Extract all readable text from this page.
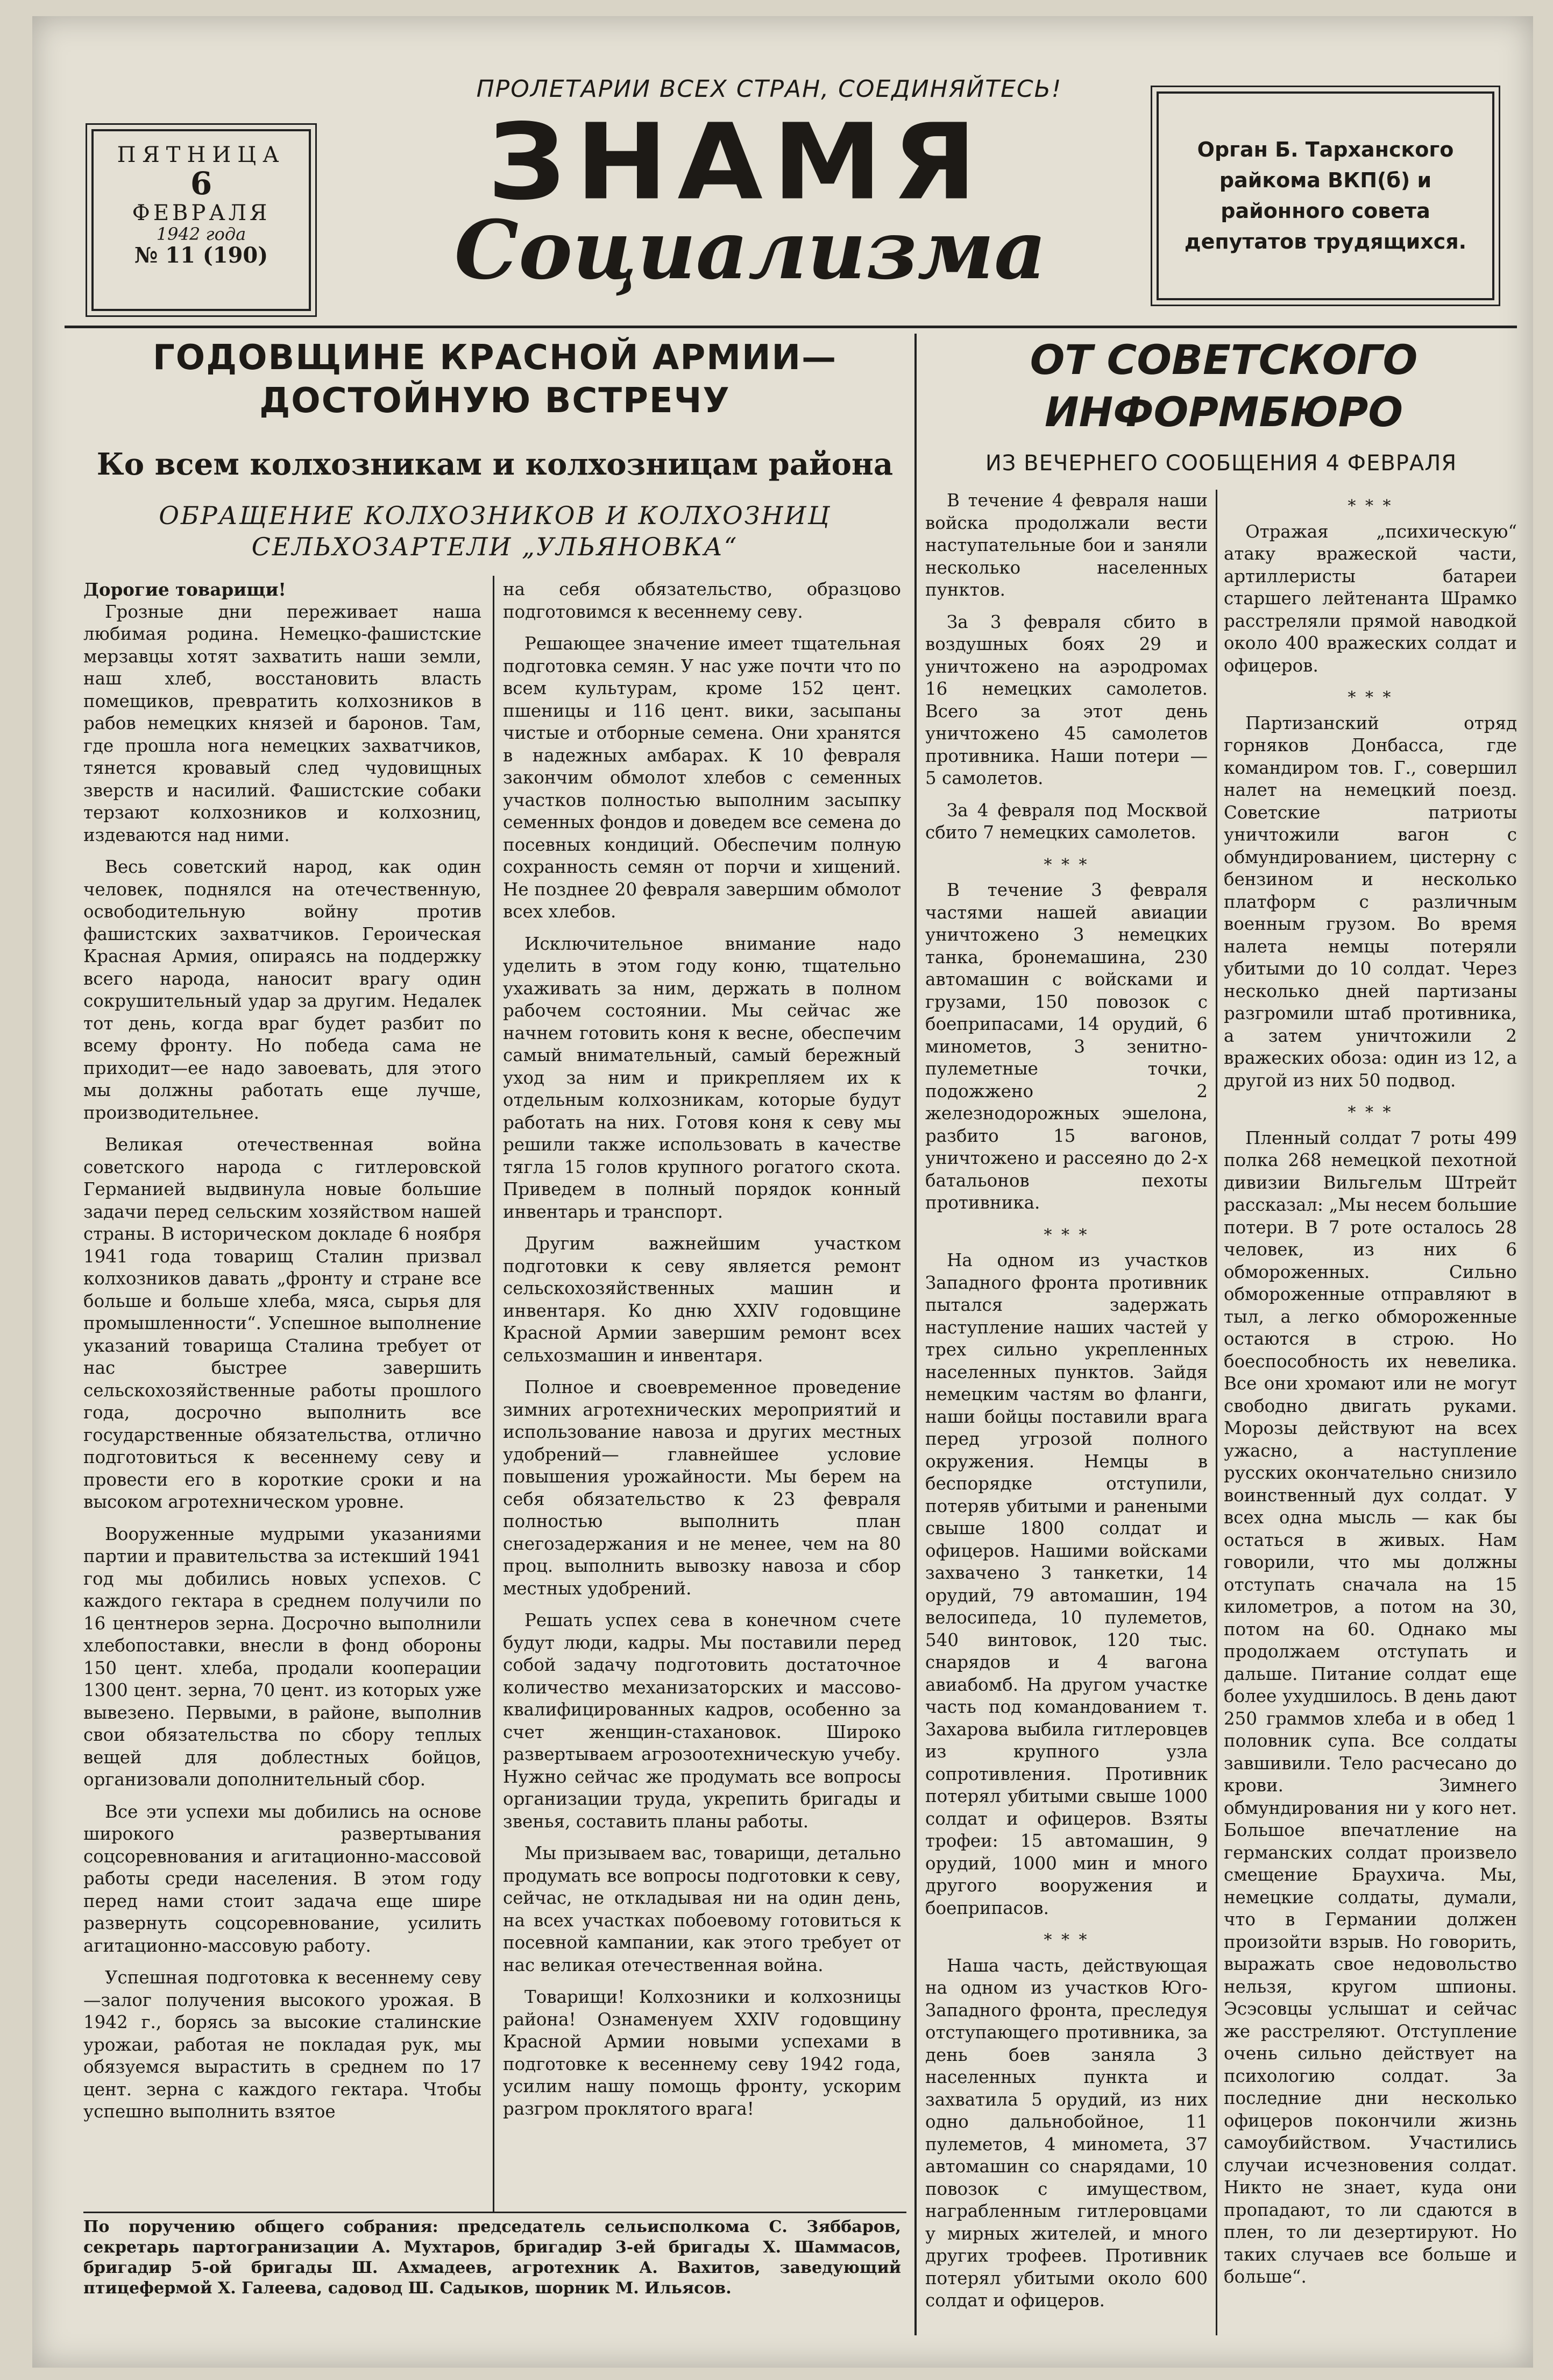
ПРОЛЕТАРИИ ВСЕХ СТРАН, СОЕДИНЯЙТЕСЬ!
ПЯТНИЦА
6
ФЕВРАЛЯ
1942 года
№ 11 (190)
ЗНАМЯ
Социализма
Орган Б. Тарханского райкома ВКП(б) и районного совета депутатов трудящихся.
ГОДОВЩИНЕ КРАСНОЙ АРМИИ— ДОСТОЙНУЮ ВСТРЕЧУ
Ко всем колхозникам и колхозницам района
ОБРАЩЕНИЕ КОЛХОЗНИКОВ И КОЛХОЗНИЦ СЕЛЬХОЗАРТЕЛИ „УЛЬЯНОВКА“
ОТ СОВЕТСКОГО ИНФОРМБЮРО
ИЗ ВЕЧЕРНЕГО СООБЩЕНИЯ 4 ФЕВРАЛЯ

Дорогие товарищи!

Грозные дни переживает наша любимая родина. Немецко-фашистские мерзавцы хотят захватить наши земли, наш хлеб, восстановить власть помещиков, превратить колхозников в рабов немецких князей и баронов. Там, где прошла нога немецких захватчиков, тянется кровавый след чудовищных зверств и насилий. Фашистские собаки терзают колхозников и колхозниц, издеваются над ними.

Весь советский народ, как один человек, поднялся на отечественную, освободительную войну против фашистских захватчиков. Героическая Красная Армия, опираясь на поддержку всего народа, наносит врагу один сокрушительный удар за другим. Недалек тот день, когда враг будет разбит по всему фронту. Но победа сама не приходит—ее надо завоевать, для этого мы должны работать еще лучше, производительнее.

Великая отечественная война советского народа с гитлеровской Германией выдвинула новые большие задачи перед сельским хозяйством нашей страны. В историческом докладе 6 ноября 1941 года товарищ Сталин призвал колхозников давать „фронту и стране все больше и больше хлеба, мяса, сырья для промышленности“. Успешное выполнение указаний товарища Сталина требует от нас быстрее завершить сельскохозяйственные работы прошлого года, досрочно выполнить все государственные обязательства, отлично подготовиться к весеннему севу и провести его в короткие сроки и на высоком агротехническом уровне.

Вооруженные мудрыми указаниями партии и правительства за истекший 1941 год мы добились новых успехов. С каждого гектара в среднем получили по 16 центнеров зерна. Досрочно выполнили хлебопоставки, внесли в фонд обороны 150 цент. хлеба, продали кооперации 1300 цент. зерна, 70 цент. из которых уже вывезено. Первыми, в районе, выполнив свои обязательства по сбору теплых вещей для доблестных бойцов, организовали дополнительный сбор.

Все эти успехи мы добились на основе широкого развертывания соцсоревнования и агитационно-массовой работы среди населения. В этом году перед нами стоит задача еще шире развернуть соцсоревнование, усилить агитационно-массовую работу.

Успешная подготовка к весеннему севу—залог получения высокого урожая. В 1942 г., борясь за высокие сталинские урожаи, работая не покладая рук, мы обязуемся вырастить в среднем по 17 цент. зерна с каждого гектара. Чтобы успешно выполнить взятое

на себя обязательство, образцово подготовимся к весеннему севу.

Решающее значение имеет тщательная подготовка семян. У нас уже почти что по всем культурам, кроме 152 цент. пшеницы и 116 цент. вики, засыпаны чистые и отборные семена. Они хранятся в надежных амбарах. К 10 февраля закончим обмолот хлебов с семенных участков полностью выполним засыпку семенных фондов и доведем все семена до посевных кондиций. Обеспечим полную сохранность семян от порчи и хищений. Не позднее 20 февраля завершим обмолот всех хлебов.

Исключительное внимание надо уделить в этом году коню, тщательно ухаживать за ним, держать в полном рабочем состоянии. Мы сейчас же начнем готовить коня к весне, обеспечим самый внимательный, самый бережный уход за ним и прикрепляем их к отдельным колхозникам, которые будут работать на них. Готовя коня к севу мы решили также использовать в качестве тягла 15 голов крупного рогатого скота. Приведем в полный порядок конный инвентарь и транспорт.

Другим важнейшим участком подготовки к севу является ремонт сельскохозяйственных машин и инвентаря. Ко дню XXIV годовщине Красной Армии завершим ремонт всех сельхозмашин и инвентаря.

Полное и своевременное проведение зимних агротехнических мероприятий и использование навоза и других местных удобрений— главнейшее условие повышения урожайности. Мы берем на себя обязательство к 23 февраля полностью выполнить план снегозадержания и не менее, чем на 80 проц. выполнить вывозку навоза и сбор местных удобрений.

Решать успех сева в конечном счете будут люди, кадры. Мы поставили перед собой задачу подготовить достаточное количество механизаторских и массово-квалифицированных кадров, особенно за счет женщин-стахановок. Широко развертываем агрозоотехническую учебу. Нужно сейчас же продумать все вопросы организации труда, укрепить бригады и звенья, составить планы работы.

Мы призываем вас, товарищи, детально продумать все вопросы подготовки к севу, сейчас, не откладывая ни на один день, на всех участках побоевому готовиться к посевной кампании, как этого требует от нас великая отечественная война.

Товарищи! Колхозники и колхозницы района! Ознаменуем XXIV годовщину Красной Армии новыми успехами в подготовке к весеннему севу 1942 года, усилим нашу помощь фронту, ускорим разгром проклятого врага!

По поручению общего собрания: председатель сельисполкома С. Зяббаров, секретарь партогранизации А. Мухтаров, бригадир 3-ей бригады Х. Шаммасов, бригадир 5-ой бригады Ш. Ахмадеев, агротехник А. Вахитов, заведующий птицефермой Х. Галеева, садовод Ш. Садыков, шорник М. Ильясов.

В течение 4 февраля наши войска продолжали вести наступательные бои и заняли несколько населенных пунктов.

За 3 февраля сбито в воздушных боях 29 и уничтожено на аэродромах 16 немецких самолетов. Всего за этот день уничтожено 45 самолетов противника. Наши потери — 5 самолетов.

За 4 февраля под Москвой сбито 7 немецких самолетов.

* * *

В течение 3 февраля частями нашей авиации уничтожено 3 немецких танка, бронемашина, 230 автомашин с войсками и грузами, 150 повозок с боеприпасами, 14 орудий, 6 минометов, 3 зенитно-пулеметные точки, подожжено 2 железнодорожных эшелона, разбито 15 вагонов, уничтожено и рассеяно до 2-х батальонов пехоты противника.

* * *

На одном из участков Западного фронта противник пытался задержать наступление наших частей у трех сильно укрепленных населенных пунктов. Зайдя немецким частям во фланги, наши бойцы поставили врага перед угрозой полного окружения. Немцы в беспорядке отступили, потеряв убитыми и ранеными свыше 1800 солдат и офицеров. Нашими войсками захвачено 3 танкетки, 14 орудий, 79 автомашин, 194 велосипеда, 10 пулеметов, 540 винтовок, 120 тыс. снарядов и 4 вагона авиабомб. На другом участке часть под командованием т. Захарова выбила гитлеровцев из крупного узла сопротивления. Противник потерял убитыми свыше 1000 солдат и офицеров. Взяты трофеи: 15 автомашин, 9 орудий, 1000 мин и много другого вооружения и боеприпасов.

* * *

Наша часть, действующая на одном из участков Юго-Западного фронта, преследуя отступающего противника, за день боев заняла 3 населенных пункта и захватила 5 орудий, из них одно дальнобойное, 11 пулеметов, 4 миномета, 37 автомашин со снарядами, 10 повозок с имуществом, награбленным гитлеровцами у мирных жителей, и много других трофеев. Противник потерял убитыми около 600 солдат и офицеров.

* * *

Отражая „психическую“ атаку вражеской части, артиллеристы батареи старшего лейтенанта Шрамко расстреляли прямой наводкой около 400 вражеских солдат и офицеров.

* * *

Партизанский отряд горняков Донбасса, где командиром тов. Г., совершил налет на немецкий поезд. Советские патриоты уничтожили вагон с обмундированием, цистерну с бензином и несколько платформ с различным военным грузом. Во время налета немцы потеряли убитыми до 10 солдат. Через несколько дней партизаны разгромили штаб противника, а затем уничтожили 2 вражеских обоза: один из 12, а другой из них 50 подвод.

* * *

Пленный солдат 7 роты 499 полка 268 немецкой пехотной дивизии Вильгельм Штрейт рассказал: „Мы несем большие потери. В 7 роте осталось 28 человек, из них 6 обмороженных. Сильно обмороженные отправляют в тыл, а легко обмороженные остаются в строю. Но боеспособность их невелика. Все они хромают или не могут свободно двигать руками. Морозы действуют на всех ужасно, а наступление русских окончательно снизило воинственный дух солдат. У всех одна мысль — как бы остаться в живых. Нам говорили, что мы должны отступать сначала на 15 километров, а потом на 30, потом на 60. Однако мы продолжаем отступать и дальше. Питание солдат еще более ухудшилось. В день дают 250 граммов хлеба и в обед 1 половник супа. Все солдаты завшивили. Тело расчесано до крови. Зимнего обмундирования ни у кого нет. Большое впечатление на германских солдат произвело смещение Браухича. Мы, немецкие солдаты, думали, что в Германии должен произойти взрыв. Но говорить, выражать свое недовольство нельзя, кругом шпионы. Эсэсовцы услышат и сейчас же расстреляют. Отступление очень сильно действует на психологию солдат. За последние дни несколько офицеров покончили жизнь самоубийством. Участились случаи исчезновения солдат. Никто не знает, куда они пропадают, то ли сдаются в плен, то ли дезертируют. Но таких случаев все больше и больше“.
